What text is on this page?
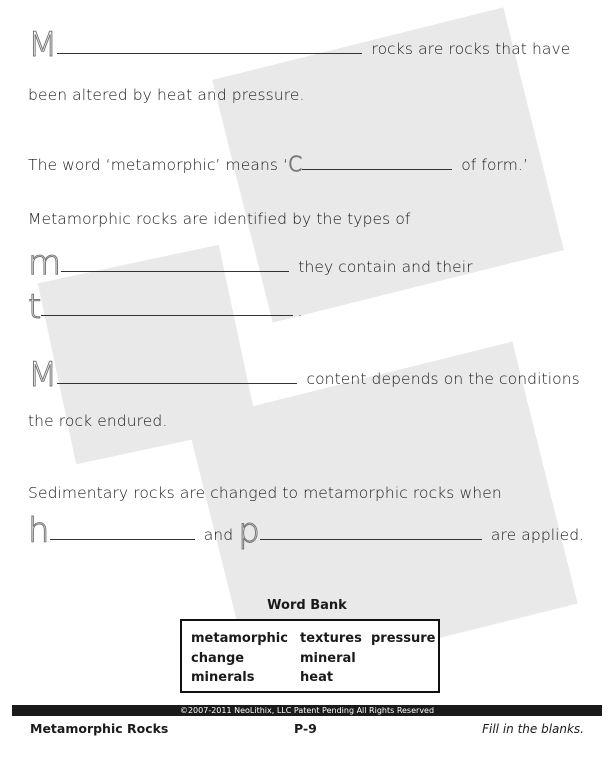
M	rocks are rocks that have
been altered by heat and pressure.
The word ‘metamorphic’ means ‘C	of form.’
Metamorphic rocks are identified by the types of
m	they contain and their
t	.
M	content depends on the conditions
the rock endured.
Sedimentary rocks are changed to metamorphic rocks when
h	and p	are applied.
Word Bank
metamorphic textures pressure
change	mineral
minerals	heat
©2007-2011 NeoLithix, LLC Patent Pending All Rights Reserved
Metamorphic Rocks	P-9	Fill in the blanks.
